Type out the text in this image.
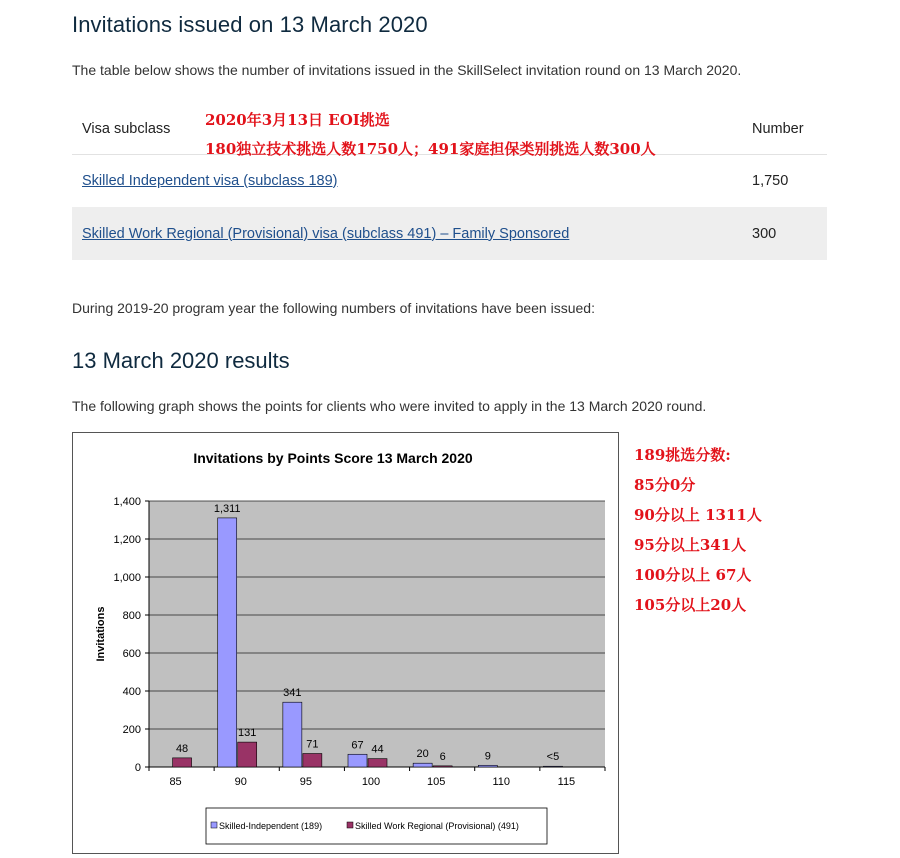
Invitations issued on 13 March 2020
The table below shows the number of invitations issued in the SkillSelect invitation round on 13 March 2020.
Visa subclass	Number
Skilled Independent visa (subclass 189)	1,750
Skilled Work Regional (Provisional) visa (subclass 491) – Family Sponsored	300
2020年3月13日 EOI挑选
180独立技术挑选人数1750人；491家庭担保类别挑选人数300人
During 2019-20 program year the following numbers of invitations have been issued:
13 March 2020 results
The following graph shows the points for clients who were invited to apply in the 13 March 2020 round.
Invitations by Points Score 13 March 2020
0
200
400
600
800
1,000
1,200
1,400
Invitations
85
48
90
1,311
131
95
341
71
100
67 44
105
20 6
110
9
115
<5
Skilled-Independent (189)	Skilled Work Regional (Provisional) (491)
189挑选分数:
85分0分
90分以上 1311人
95分以上341人
100分以上 67人
105分以上20人
